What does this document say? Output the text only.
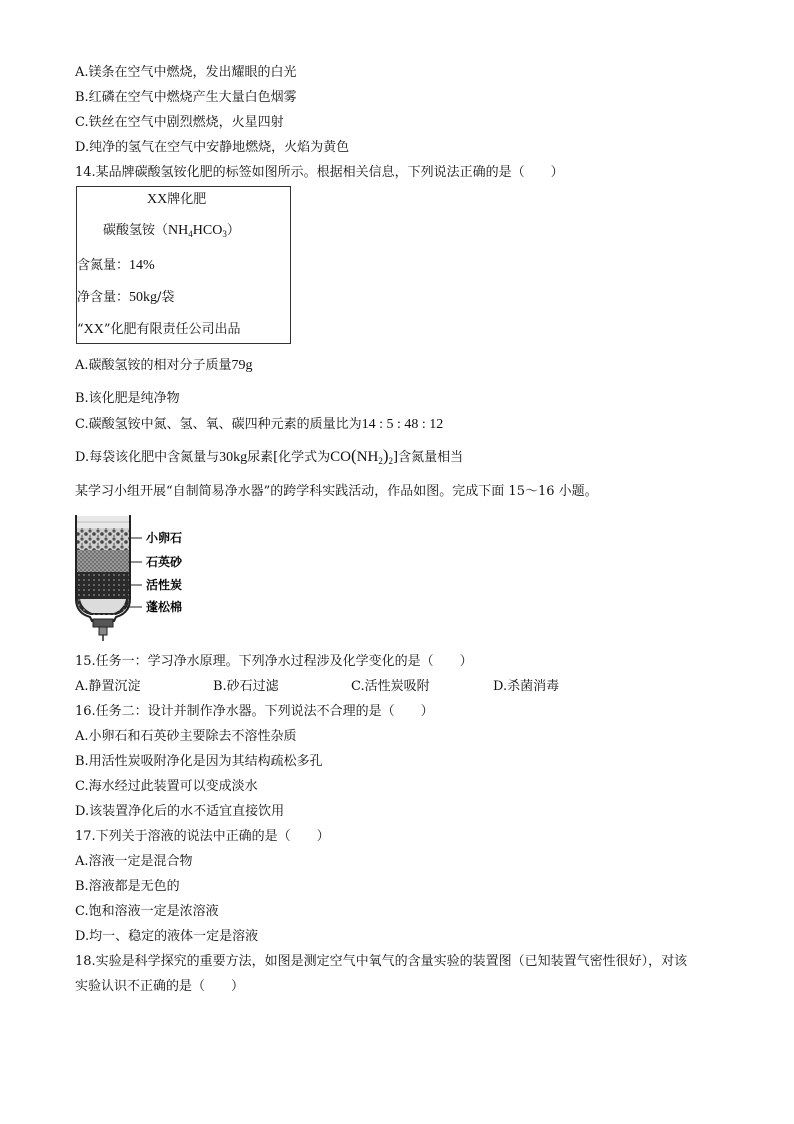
A.镁条在空气中燃烧，发出耀眼的白光
B.红磷在空气中燃烧产生大量白色烟雾
C.铁丝在空气中剧烈燃烧，火星四射
D.纯净的氢气在空气中安静地燃烧，火焰为黄色
14.某品牌碳酸氢铵化肥的标签如图所示。根据相关信息，下列说法正确的是（　　）
XX牌化肥
碳酸氢铵$(NH_4HCO_3)$
含氮量：14%
净含量：50kg/袋
“XX”化肥有限责任公司出品
A.碳酸氢铵的相对分子质量79g
B.该化肥是纯净物
C.碳酸氢铵中氮、氢、氧、碳四种元素的质量比为14 : 5 : 48 : 12
D.每袋该化肥中含氮量与30kg尿素[化学式为$CO(NH_2)_2$]含氮量相当
某学习小组开展“自制简易净水器”的跨学科实践活动，作品如图。完成下面 15～16 小题。
小卵石
石英砂
活性炭
蓬松棉
15.任务一：学习净水原理。下列净水过程涉及化学变化的是（　　）
A.静置沉淀	B.砂石过滤	C.活性炭吸附	D.杀菌消毒
16.任务二：设计并制作净水器。下列说法不合理的是（　　）
A.小卵石和石英砂主要除去不溶性杂质
B.用活性炭吸附净化是因为其结构疏松多孔
C.海水经过此装置可以变成淡水
D.该装置净化后的水不适宜直接饮用
17.下列关于溶液的说法中正确的是（　　）
A.溶液一定是混合物
B.溶液都是无色的
C.饱和溶液一定是浓溶液
D.均一、稳定的液体一定是溶液
18.实验是科学探究的重要方法，如图是测定空气中氧气的含量实验的装置图（已知装置气密性很好），对该
实验认识不正确的是（　　）
